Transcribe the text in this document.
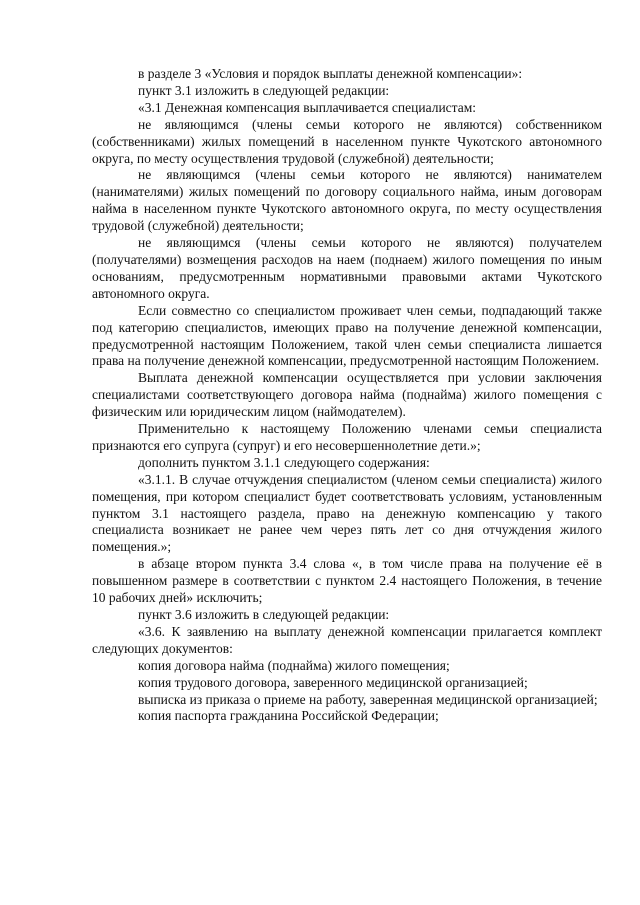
в разделе 3 «Условия и порядок выплаты денежной компенсации»:

пункт 3.1 изложить в следующей редакции:

«3.1 Денежная компенсация выплачивается специалистам:

не являющимся (члены семьи которого не являются) собственником (собственниками) жилых помещений в населенном пункте Чукотского автономного округа, по месту осуществления трудовой (служебной) деятельности;

не являющимся (члены семьи которого не являются) нанимателем (нанимателями) жилых помещений по договору социального найма, иным договорам найма в населенном пункте Чукотского автономного округа, по месту осуществления трудовой (служебной) деятельности;

не являющимся (члены семьи которого не являются) получателем (получателями) возмещения расходов на наем (поднаем) жилого помещения по иным основаниям, предусмотренным нормативными правовыми актами Чукотского автономного округа.

Если совместно со специалистом проживает член семьи, подпадающий также под категорию специалистов, имеющих право на получение денежной компенсации, предусмотренной настоящим Положением, такой член семьи специалиста лишается права на получение денежной компенсации, предусмотренной настоящим Положением.

Выплата денежной компенсации осуществляется при условии заключения специалистами соответствующего договора найма (поднайма) жилого помещения с физическим или юридическим лицом (наймодателем).

Применительно к настоящему Положению членами семьи специалиста признаются его супруга (супруг) и его несовершеннолетние дети.»;

дополнить пунктом 3.1.1 следующего содержания:

«3.1.1. В случае отчуждения специалистом (членом семьи специалиста) жилого помещения, при котором специалист будет соответствовать условиям, установленным пунктом 3.1 настоящего раздела, право на денежную компенсацию у такого специалиста возникает не ранее чем через пять лет со дня отчуждения жилого помещения.»;

в абзаце втором пункта 3.4 слова «, в том числе права на получение её в повышенном размере в соответствии с пунктом 2.4 настоящего Положения, в течение 10 рабочих дней» исключить;

пункт 3.6 изложить в следующей редакции:

«3.6. К заявлению на выплату денежной компенсации прилагается комплект следующих документов:

копия договора найма (поднайма) жилого помещения;

копия трудового договора, заверенного медицинской организацией;

выписка из приказа о приеме на работу, заверенная медицинской организацией;

копия паспорта гражданина Российской Федерации;
